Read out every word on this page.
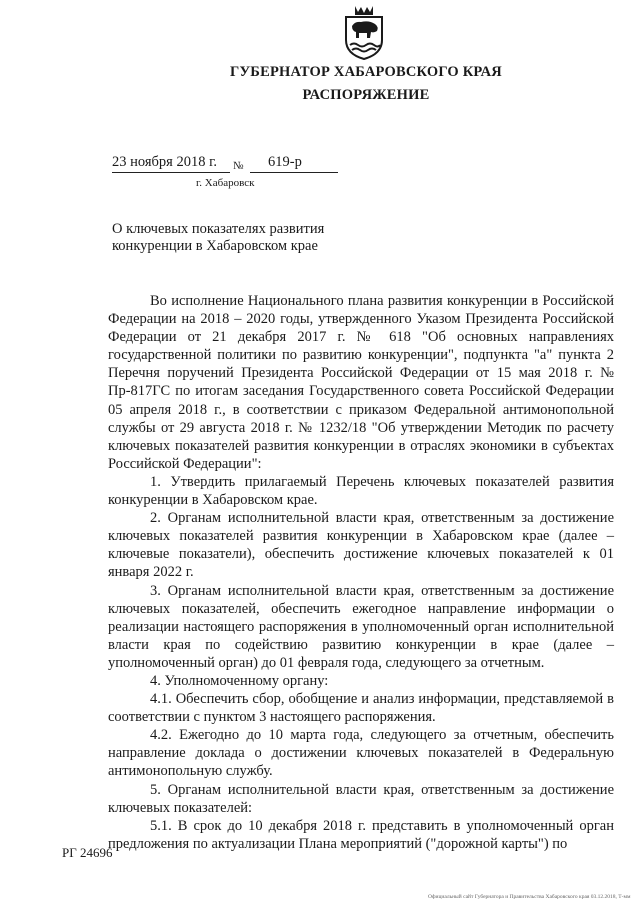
ГУБЕРНАТОР ХАБАРОВСКОГО КРАЯ
РАСПОРЯЖЕНИЕ
23 ноября 2018 г. № 619-р
г. Хабаровск
О ключевых показателях развития
конкуренции в Хабаровском крае

Во исполнение Национального плана развития конкуренции в Российской Федерации на 2018 – 2020 годы, утвержденного Указом Президента Российской Федерации от 21 декабря 2017 г. № 618 "Об основных направлениях государственной политики по развитию конкуренции", подпункта "а" пункта 2 Перечня поручений Президента Российской Федерации от 15 мая 2018 г. № Пр-817ГС по итогам заседания Государственного совета Российской Федерации 05 апреля 2018 г., в соответствии с приказом Федеральной антимонопольной службы от 29 августа 2018 г. № 1232/18 "Об утверждении Методик по расчету ключевых показателей развития конкуренции в отраслях экономики в субъектах Российской Федерации":

1. Утвердить прилагаемый Перечень ключевых показателей развития конкуренции в Хабаровском крае.

2. Органам исполнительной власти края, ответственным за достижение ключевых показателей развития конкуренции в Хабаровском крае (далее – ключевые показатели), обеспечить достижение ключевых показателей к 01 января 2022 г.

3. Органам исполнительной власти края, ответственным за достижение ключевых показателей, обеспечить ежегодное направление информации о реализации настоящего распоряжения в уполномоченный орган исполнительной власти края по содействию развитию конкуренции в крае (далее – уполномоченный орган) до 01 февраля года, следующего за отчетным.

4. Уполномоченному органу:

4.1. Обеспечить сбор, обобщение и анализ информации, представляемой в соответствии с пунктом 3 настоящего распоряжения.

4.2. Ежегодно до 10 марта года, следующего за отчетным, обеспечить направление доклада о достижении ключевых показателей в Федеральную антимонопольную службу.

5. Органам исполнительной власти края, ответственным за достижение ключевых показателей:

5.1. В срок до 10 декабря 2018 г. представить в уполномоченный орган предложения по актуализации Плана мероприятий ("дорожной карты") по

РГ 24696
Официальный сайт Губернатора и Правительства Хабаровского края 03.12.2018, Т-мм
